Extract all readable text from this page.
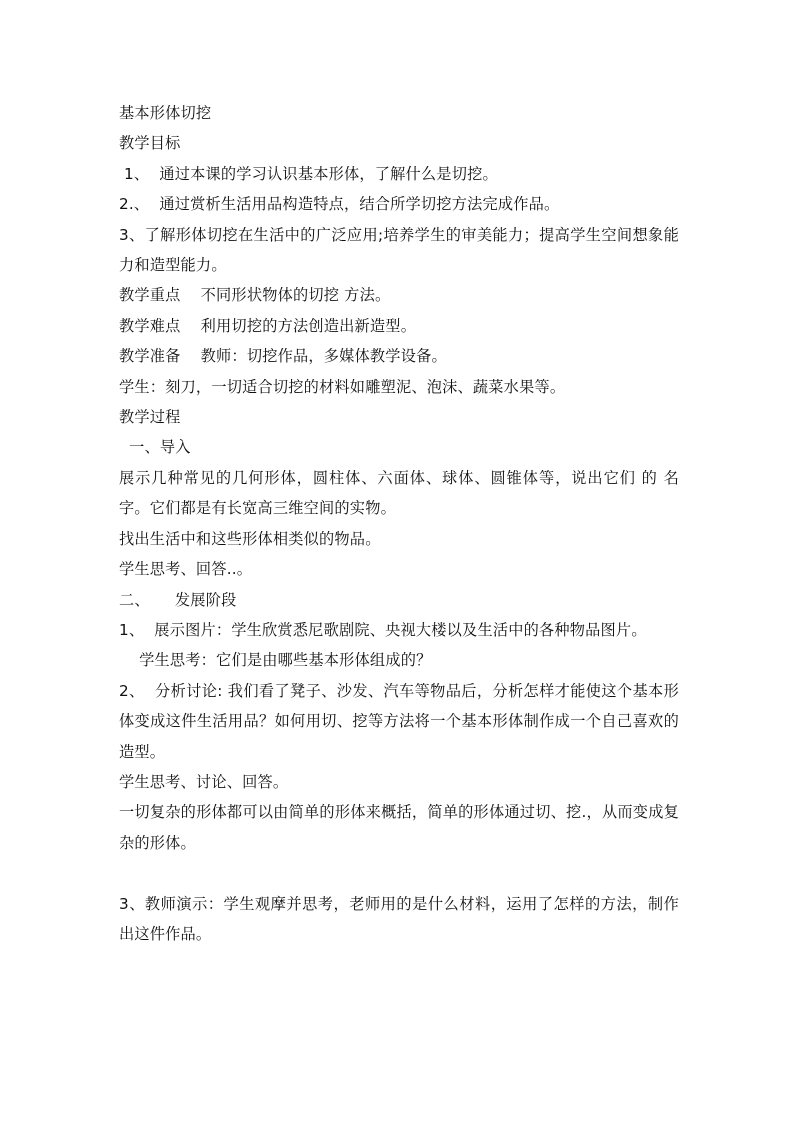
基本形体切挖

教学目标

1、  通过本课的学习认识基本形体，了解什么是切挖。

2.、  通过赏析生活用品构造特点，结合所学切挖方法完成作品。

3、了解形体切挖在生活中的广泛应用;培养学生的审美能力；提高学生空间想象能力和造型能力。

教学重点    不同形状物体的切挖 方法。

教学难点    利用切挖的方法创造出新造型。

教学准备    教师：切挖作品，多媒体教学设备。

学生：刻刀，一切适合切挖的材料如雕塑泥、泡沫、蔬菜水果等。

教学过程

一、导入

展示几种常见的几何形体，圆柱体、六面体、球体、圆锥体等，说出它们 的 名字。它们都是有长宽高三维空间的实物。

找出生活中和这些形体相类似的物品。

学生思考、回答..。

二、     发展阶段

1、  展示图片：学生欣赏悉尼歌剧院、央视大楼以及生活中的各种物品图片。

学生思考：它们是由哪些基本形体组成的？

2、  分析讨论: 我们看了凳子、沙发、汽车等物品后，分析怎样才能使这个基本形体变成这件生活用品？如何用切、挖等方法将一个基本形体制作成一个自己喜欢的造型。

学生思考、讨论、回答。

一切复杂的形体都可以由简单的形体来概括，简单的形体通过切、挖.，从而变成复杂的形体。

3、教师演示：学生观摩并思考，老师用的是什么材料，运用了怎样的方法，制作出这件作品。
